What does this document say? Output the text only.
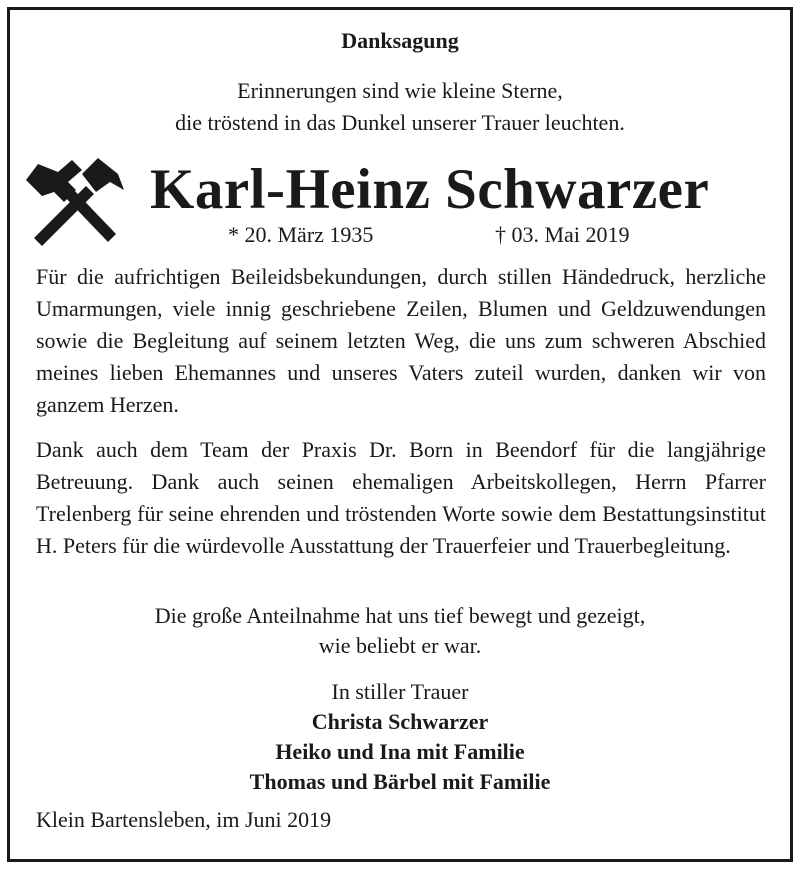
Danksagung
Erinnerungen sind wie kleine Sterne,
die tröstend in das Dunkel unserer Trauer leuchten.
Karl-Heinz Schwarzer
* 20. März 1935	† 03. Mai 2019
Für die aufrichtigen Beileidsbekundungen, durch stillen Händedruck, herzliche Umarmungen, viele innig geschriebene Zeilen, Blumen und Geldzuwendungen sowie die Begleitung auf seinem letzten Weg, die uns zum schweren Abschied meines lieben Ehemannes und unseres Vaters zuteil wurden, danken wir von ganzem Herzen.
Dank auch dem Team der Praxis Dr. Born in Beendorf für die langjährige Betreuung. Dank auch seinen ehemaligen Arbeitskollegen, Herrn Pfarrer Trelenberg für seine ehrenden und tröstenden Worte sowie dem Bestattungsinstitut H. Peters für die würdevolle Ausstattung der Trauerfeier und Trauerbegleitung.
Die große Anteilnahme hat uns tief bewegt und gezeigt,
wie beliebt er war.
In stiller Trauer
Christa Schwarzer
Heiko und Ina mit Familie
Thomas und Bärbel mit Familie
Klein Bartensleben, im Juni 2019
